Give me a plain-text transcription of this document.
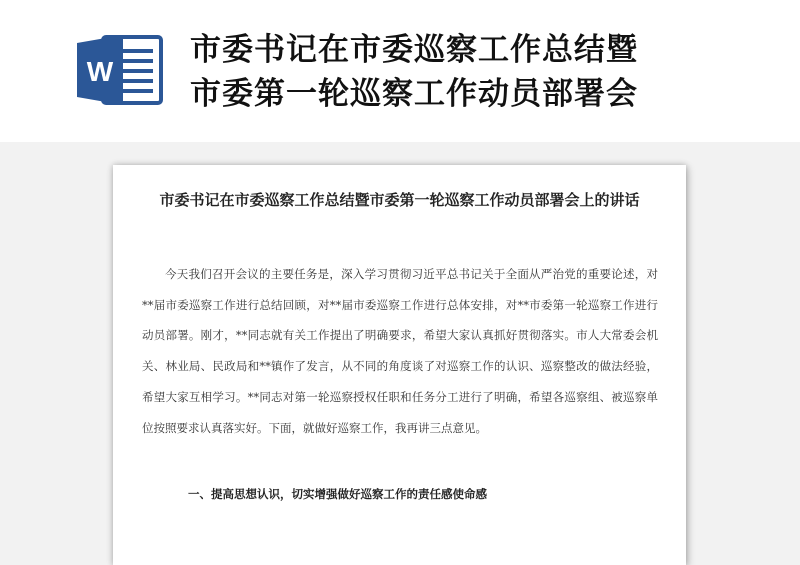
W
市委书记在市委巡察工作总结暨
市委第一轮巡察工作动员部署会
市委书记在市委巡察工作总结暨市委第一轮巡察工作动员部署会上的讲话
今天我们召开会议的主要任务是，深入学习贯彻习近平总书记关于全面从严治党的重要论述，对**届市委巡察工作进行总结回顾，对**届市委巡察工作进行总体安排，对**市委第一轮巡察工作进行动员部署。刚才，**同志就有关工作提出了明确要求，希望大家认真抓好贯彻落实。市人大常委会机关、林业局、民政局和**镇作了发言，从不同的角度谈了对巡察工作的认识、巡察整改的做法经验，希望大家互相学习。**同志对第一轮巡察授权任职和任务分工进行了明确，希望各巡察组、被巡察单位按照要求认真落实好。下面，就做好巡察工作，我再讲三点意见。
一、提高思想认识，切实增强做好巡察工作的责任感使命感
